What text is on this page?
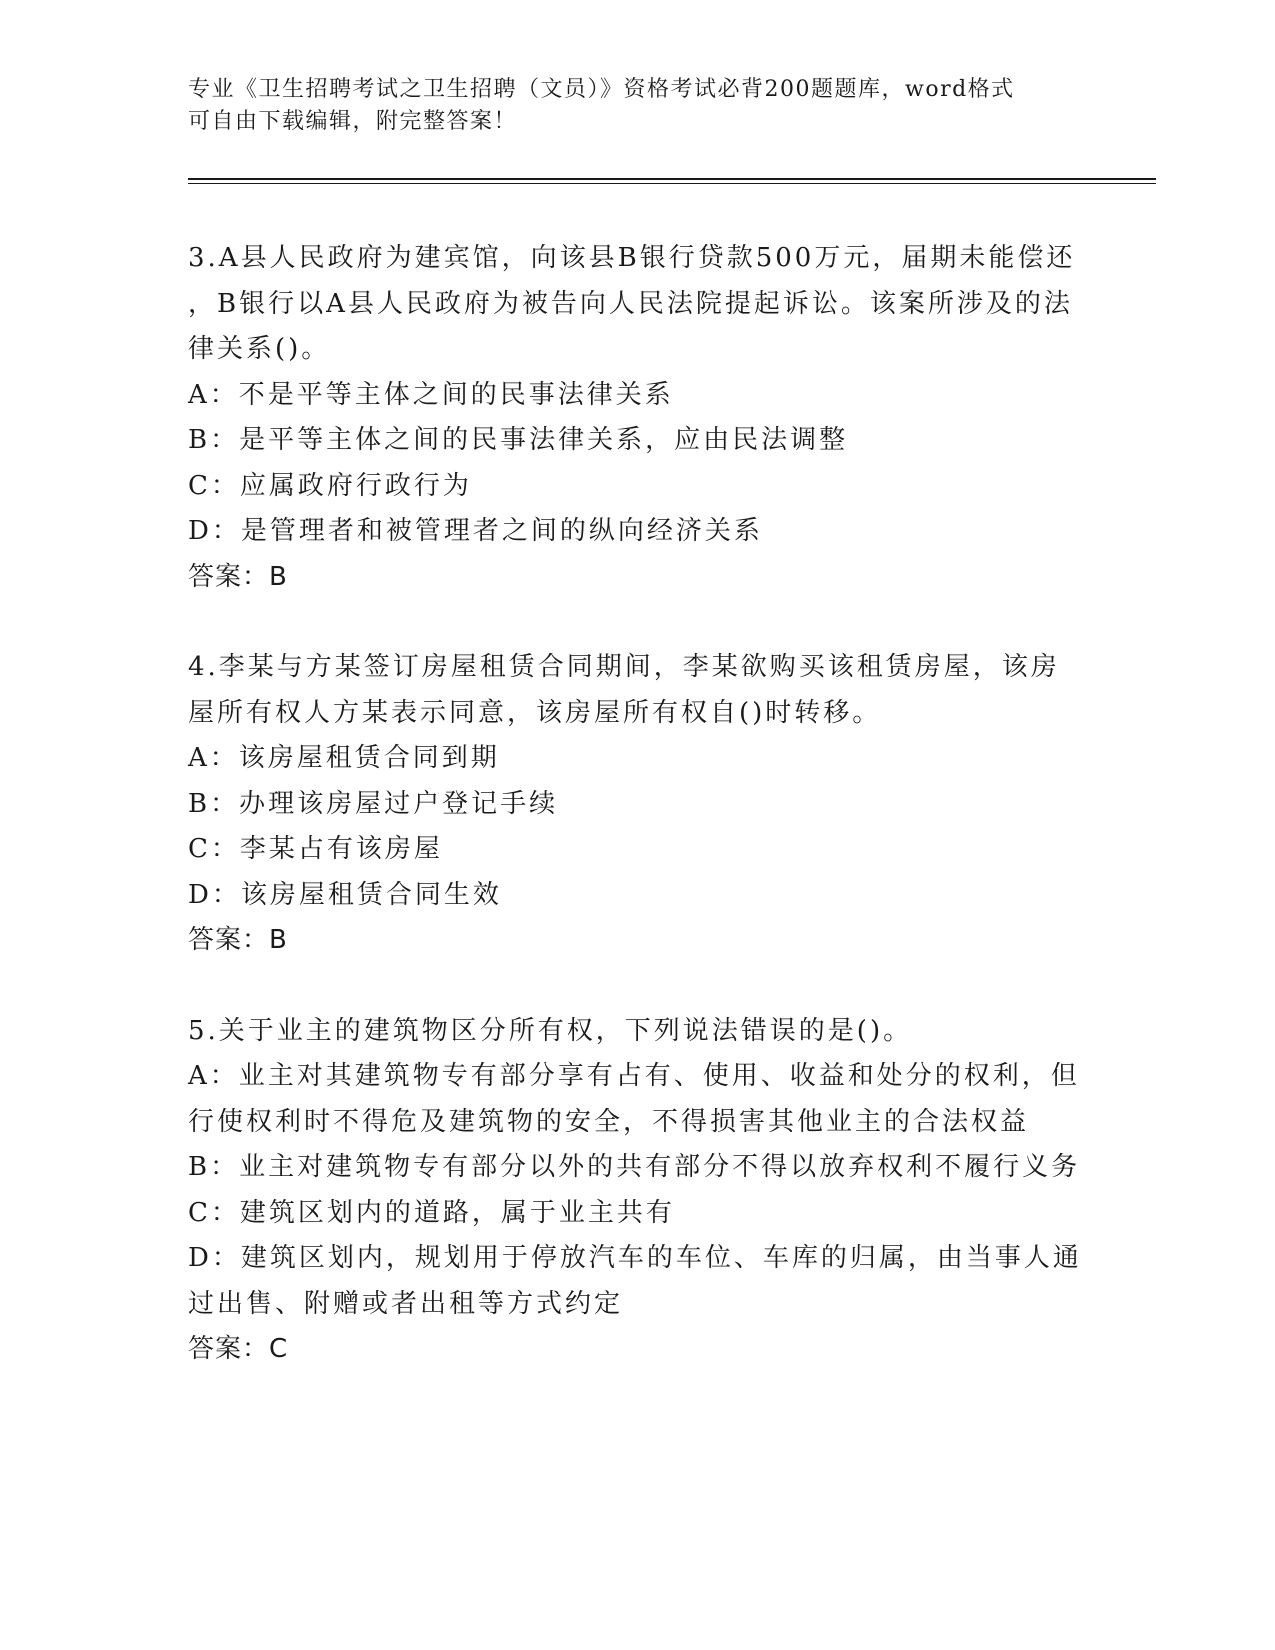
专业《卫生招聘考试之卫生招聘（文员）》资格考试必背200题题库，word格式

可自由下载编辑，附完整答案！

3.A县人民政府为建宾馆，向该县B银行贷款500万元，届期未能偿还

，B银行以A县人民政府为被告向人民法院提起诉讼。该案所涉及的法

律关系()。

A：不是平等主体之间的民事法律关系

B：是平等主体之间的民事法律关系，应由民法调整

C：应属政府行政行为

D：是管理者和被管理者之间的纵向经济关系

答案：B

4.李某与方某签订房屋租赁合同期间，李某欲购买该租赁房屋，该房

屋所有权人方某表示同意，该房屋所有权自()时转移。

A：该房屋租赁合同到期

B：办理该房屋过户登记手续

C：李某占有该房屋

D：该房屋租赁合同生效

答案：B

5.关于业主的建筑物区分所有权，下列说法错误的是()。

A：业主对其建筑物专有部分享有占有、使用、收益和处分的权利，但

行使权利时不得危及建筑物的安全，不得损害其他业主的合法权益

B：业主对建筑物专有部分以外的共有部分不得以放弃权利不履行义务

C：建筑区划内的道路，属于业主共有

D：建筑区划内，规划用于停放汽车的车位、车库的归属，由当事人通

过出售、附赠或者出租等方式约定

答案：C
